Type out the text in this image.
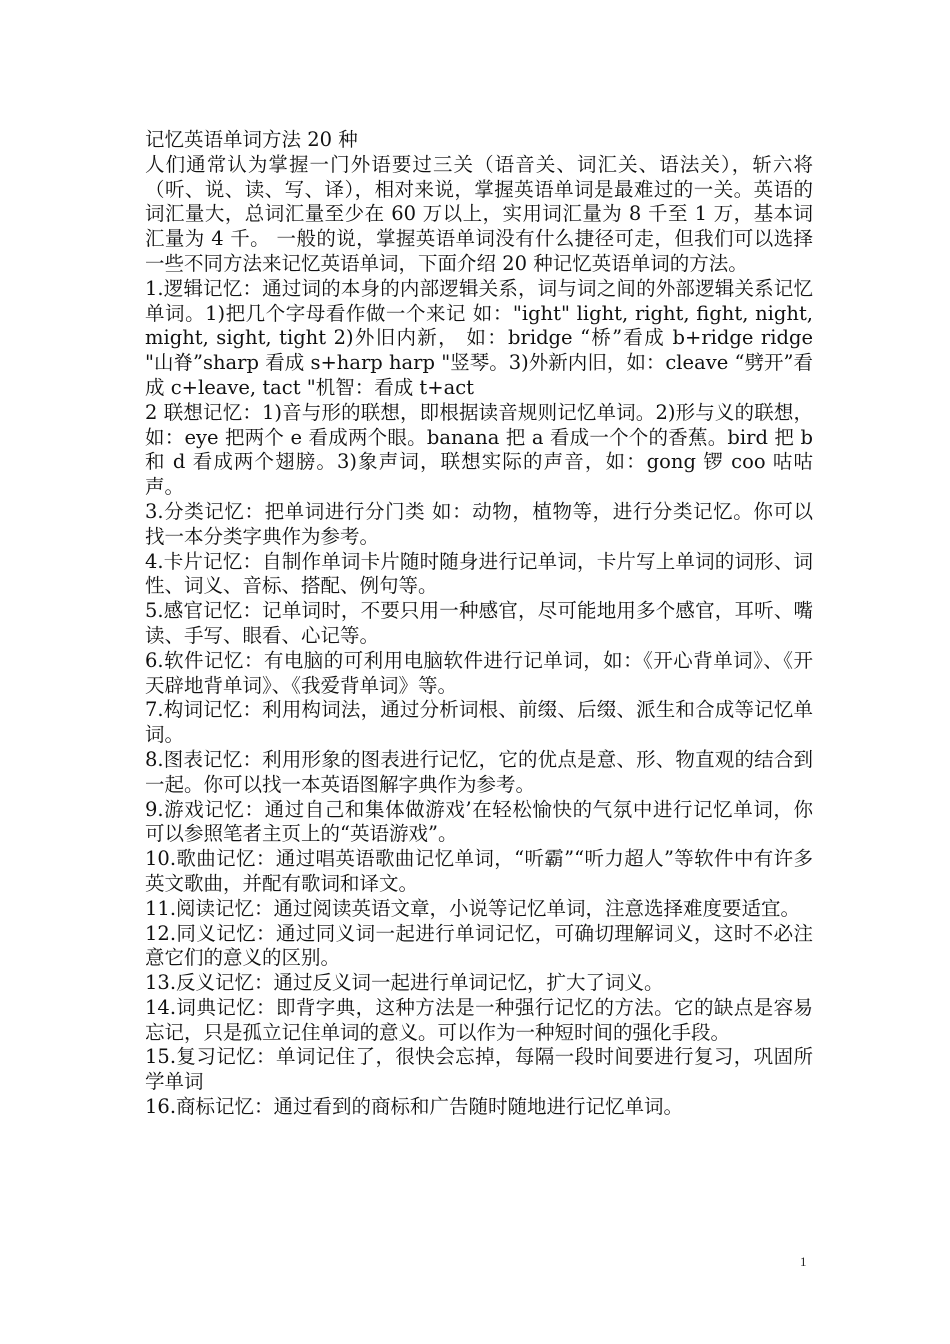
记忆英语单词方法 20 种

人们通常认为掌握一门外语要过三关（语音关、词汇关、语法关），斩六将（听、说、读、写、译），相对来说，掌握英语单词是最难过的一关。英语的词汇量大，总词汇量至少在 60 万以上，实用词汇量为 8 千至 1 万，基本词汇量为 4 千。 一般的说，掌握英语单词没有什么捷径可走，但我们可以选择一些不同方法来记忆英语单词，下面介绍 20 种记忆英语单词的方法。

1.逻辑记忆：通过词的本身的内部逻辑关系，词与词之间的外部逻辑关系记忆单词。1)把几个字母看作做一个来记 如："ight" light, right, fight, night, might, sight, tight 2)外旧内新， 如：bridge “桥”看成 b+ridge ridge "山脊”sharp 看成 s+harp harp "竖琴。3)外新内旧，如：cleave “劈开”看成 c+leave, tact "机智：看成 t+act

2 联想记忆：1)音与形的联想，即根据读音规则记忆单词。2)形与义的联想，如：eye 把两个 e 看成两个眼。banana 把 a 看成一个个的香蕉。bird 把 b 和 d 看成两个翅膀。3)象声词，联想实际的声音，如：gong 锣 coo 咕咕声。

3.分类记忆：把单词进行分门类 如：动物，植物等，进行分类记忆。你可以找一本分类字典作为参考。

4.卡片记忆：自制作单词卡片随时随身进行记单词，卡片写上单词的词形、词性、词义、音标、搭配、例句等。

5.感官记忆：记单词时，不要只用一种感官，尽可能地用多个感官，耳听、嘴读、手写、眼看、心记等。

6.软件记忆：有电脑的可利用电脑软件进行记单词，如：《开心背单词》、《开天辟地背单词》、《我爱背单词》等。

7.构词记忆：利用构词法，通过分析词根、前缀、后缀、派生和合成等记忆单词。

8.图表记忆：利用形象的图表进行记忆，它的优点是意、形、物直观的结合到一起。你可以找一本英语图解字典作为参考。

9.游戏记忆：通过自己和集体做游戏’在轻松愉快的气氛中进行记忆单词，你可以参照笔者主页上的“英语游戏”。

10.歌曲记忆：通过唱英语歌曲记忆单词，“听霸”“听力超人”等软件中有许多英文歌曲，并配有歌词和译文。

11.阅读记忆：通过阅读英语文章，小说等记忆单词，注意选择难度要适宜。

12.同义记忆：通过同义词一起进行单词记忆，可确切理解词义，这时不必注意它们的意义的区别。

13.反义记忆：通过反义词一起进行单词记忆，扩大了词义。

14.词典记忆：即背字典，这种方法是一种强行记忆的方法。它的缺点是容易忘记，只是孤立记住单词的意义。可以作为一种短时间的强化手段。

15.复习记忆：单词记住了，很快会忘掉，每隔一段时间要进行复习，巩固所学单词

16.商标记忆：通过看到的商标和广告随时随地进行记忆单词。

1
